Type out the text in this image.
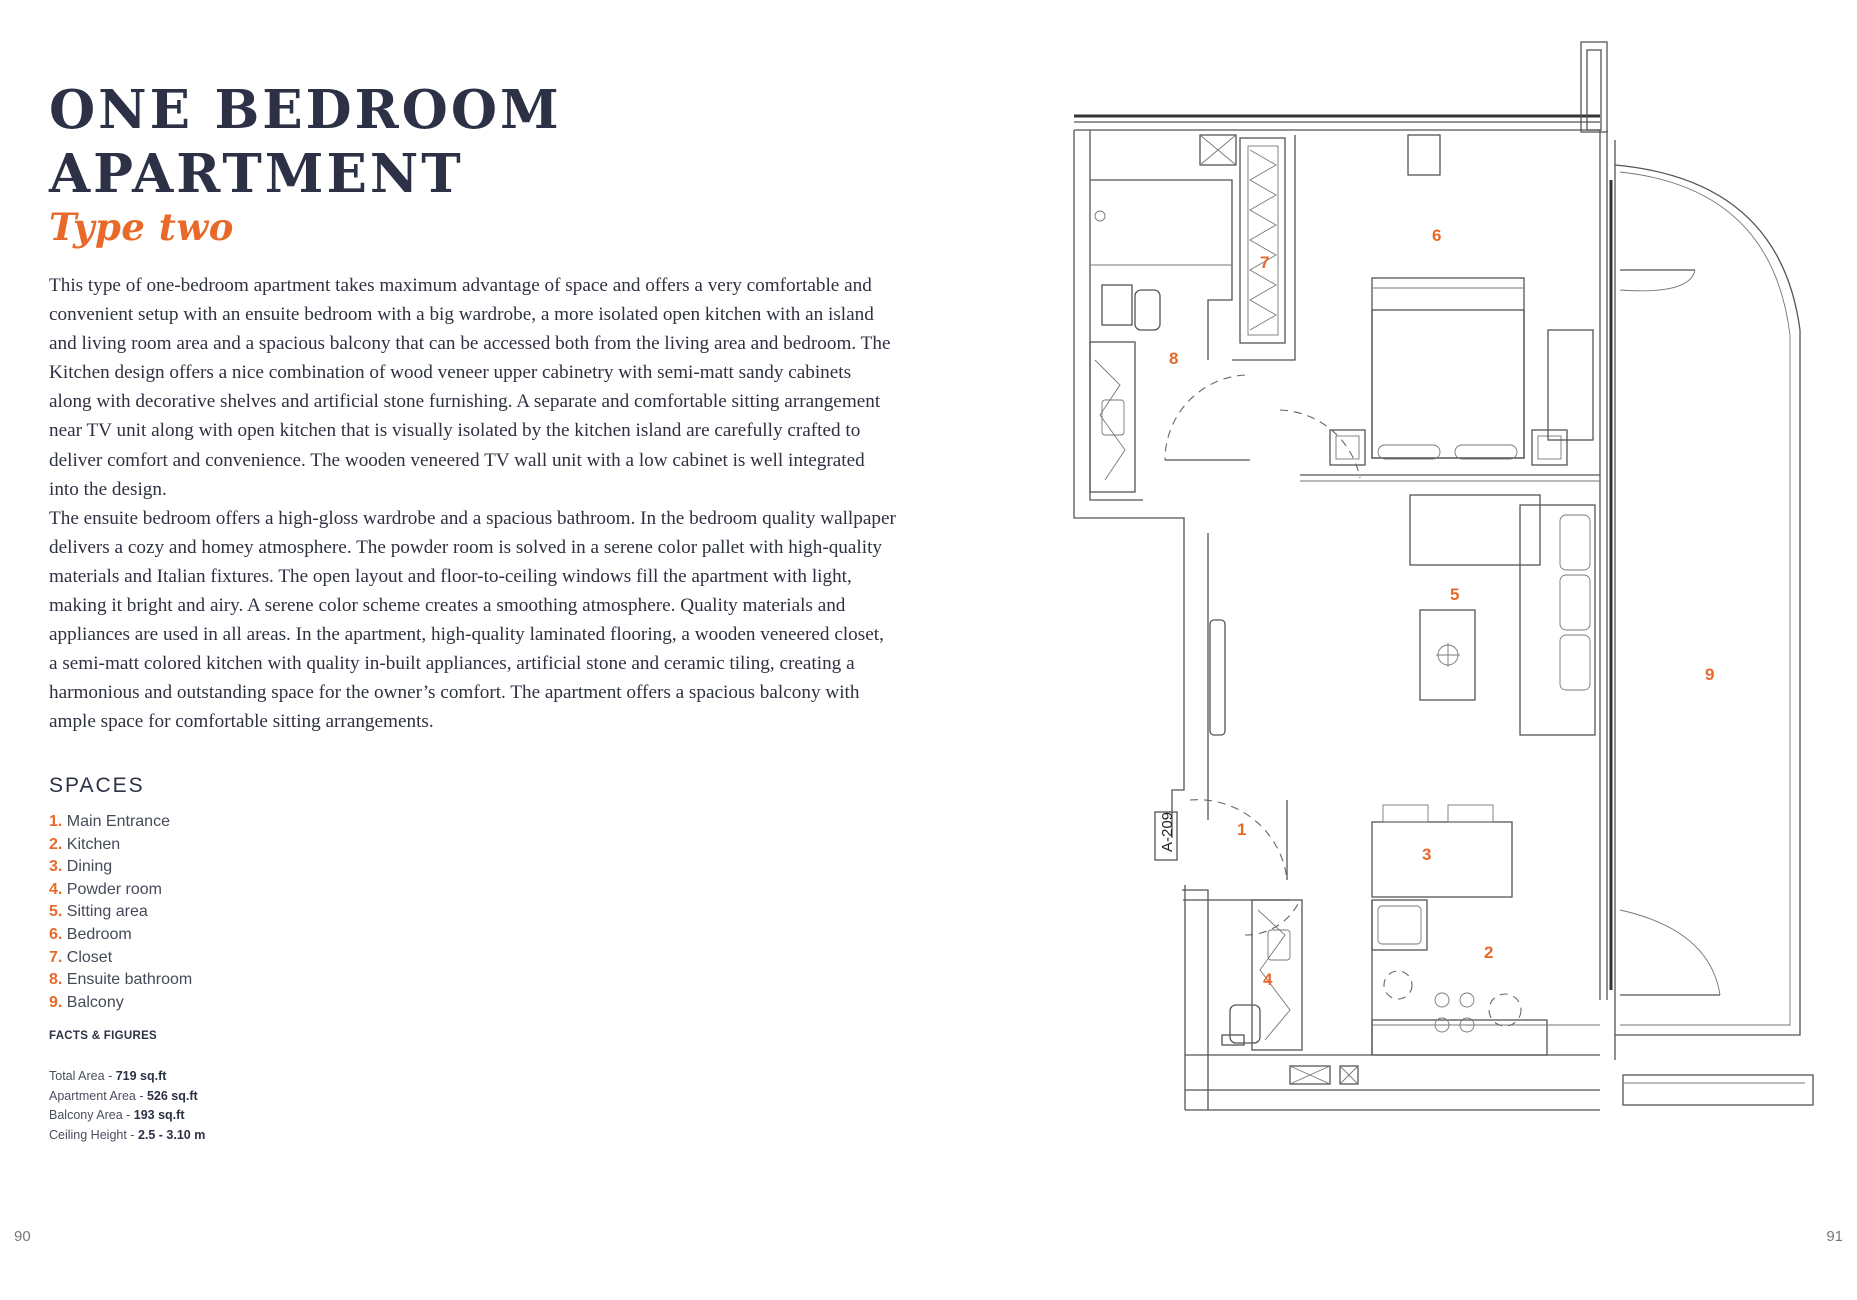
ONE BEDROOM
APARTMENT
Type two

This type of one-bedroom apartment takes maximum advantage of space and offers a very comfortable and convenient setup with an ensuite bedroom with a big wardrobe, a more isolated open kitchen with an island and living room area and a spacious balcony that can be accessed both from the living area and bedroom. The Kitchen design offers a nice combination of wood veneer upper cabinetry with semi-matt sandy cabinets along with decorative shelves and artificial stone furnishing. A separate and comfortable sitting arrangement near TV unit along with open kitchen that is visually isolated by the kitchen island are carefully crafted to deliver comfort and convenience. The wooden veneered TV wall unit with a low cabinet is well integrated into the design.

The ensuite bedroom offers a high-gloss wardrobe and a spacious bathroom. In the bedroom quality wallpaper delivers a cozy and homey atmosphere. The powder room is solved in a serene color pallet with high-quality materials and Italian fixtures. The open layout and floor-to-ceiling windows fill the apartment with light, making it bright and airy. A serene color scheme creates a smoothing atmosphere. Quality materials and appliances are used in all areas. In the apartment, high-quality laminated flooring, a wooden veneered closet, a semi-matt colored kitchen with quality in-built appliances, artificial stone and ceramic tiling, creating a harmonious and outstanding space for the owner’s comfort. The apartment offers a spacious balcony with ample space for comfortable sitting arrangements.

SPACES
1. Main Entrance
2. Kitchen
3. Dining
4. Powder room
5. Sitting area
6. Bedroom
7. Closet
8. Ensuite bathroom
9. Balcony
FACTS & FIGURES
Total Area - 719 sq.ft
Apartment Area - 526 sq.ft
Balcony Area - 193 sq.ft
Ceiling Height - 2.5 - 3.10 m
90	91
A-209	1
2
3
4
5
6
7
8
9
